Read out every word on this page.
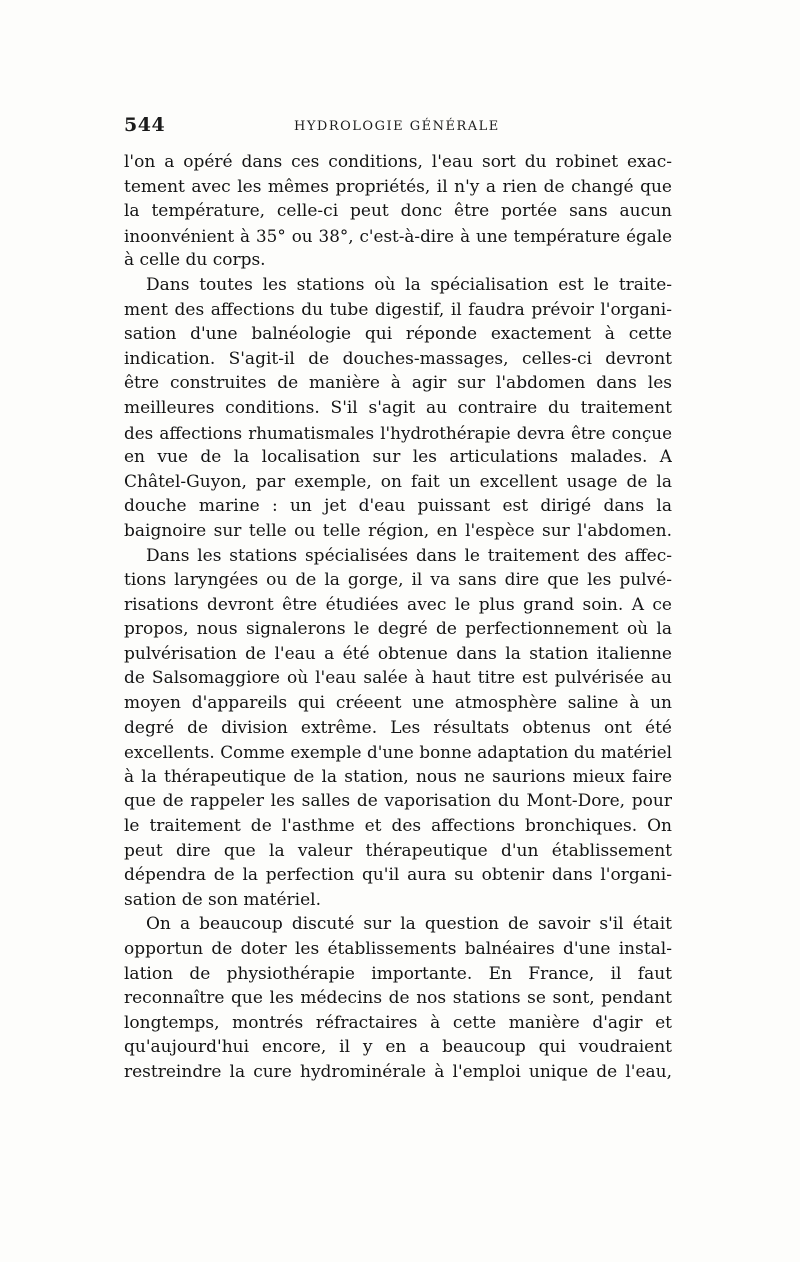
544	HYDROLOGIE GÉNÉRALE
l'on a opéré dans ces conditions, l'eau sort du robinet exac-
tement avec les mêmes propriétés, il n'y a rien de changé que
la température, celle-ci peut donc être portée sans aucun
inoonvénient à 35° ou 38°, c'est-à-dire à une température égale
à celle du corps.
Dans toutes les stations où la spécialisation est le traite-
ment des affections du tube digestif, il faudra prévoir l'organi-
sation d'une balnéologie qui réponde exactement à cette
indication. S'agit-il de douches-massages, celles-ci devront
être construites de manière à agir sur l'abdomen dans les
meilleures conditions. S'il s'agit au contraire du traitement
des affections rhumatismales l'hydrothérapie devra être conçue
en vue de la localisation sur les articulations malades. A
Châtel-Guyon, par exemple, on fait un excellent usage de la
douche marine : un jet d'eau puissant est dirigé dans la
baignoire sur telle ou telle région, en l'espèce sur l'abdomen.
Dans les stations spécialisées dans le traitement des affec-
tions laryngées ou de la gorge, il va sans dire que les pulvé-
risations devront être étudiées avec le plus grand soin. A ce
propos, nous signalerons le degré de perfectionnement où la
pulvérisation de l'eau a été obtenue dans la station italienne
de Salsomaggiore où l'eau salée à haut titre est pulvérisée au
moyen d'appareils qui créeent une atmosphère saline à un
degré de division extrême. Les résultats obtenus ont été
excellents. Comme exemple d'une bonne adaptation du matériel
à la thérapeutique de la station, nous ne saurions mieux faire
que de rappeler les salles de vaporisation du Mont-Dore, pour
le traitement de l'asthme et des affections bronchiques. On
peut dire que la valeur thérapeutique d'un établissement
dépendra de la perfection qu'il aura su obtenir dans l'organi-
sation de son matériel.
On a beaucoup discuté sur la question de savoir s'il était
opportun de doter les établissements balnéaires d'une instal-
lation de physiothérapie importante. En France, il faut
reconnaître que les médecins de nos stations se sont, pendant
longtemps, montrés réfractaires à cette manière d'agir et
qu'aujourd'hui encore, il y en a beaucoup qui voudraient
restreindre la cure hydrominérale à l'emploi unique de l'eau,
